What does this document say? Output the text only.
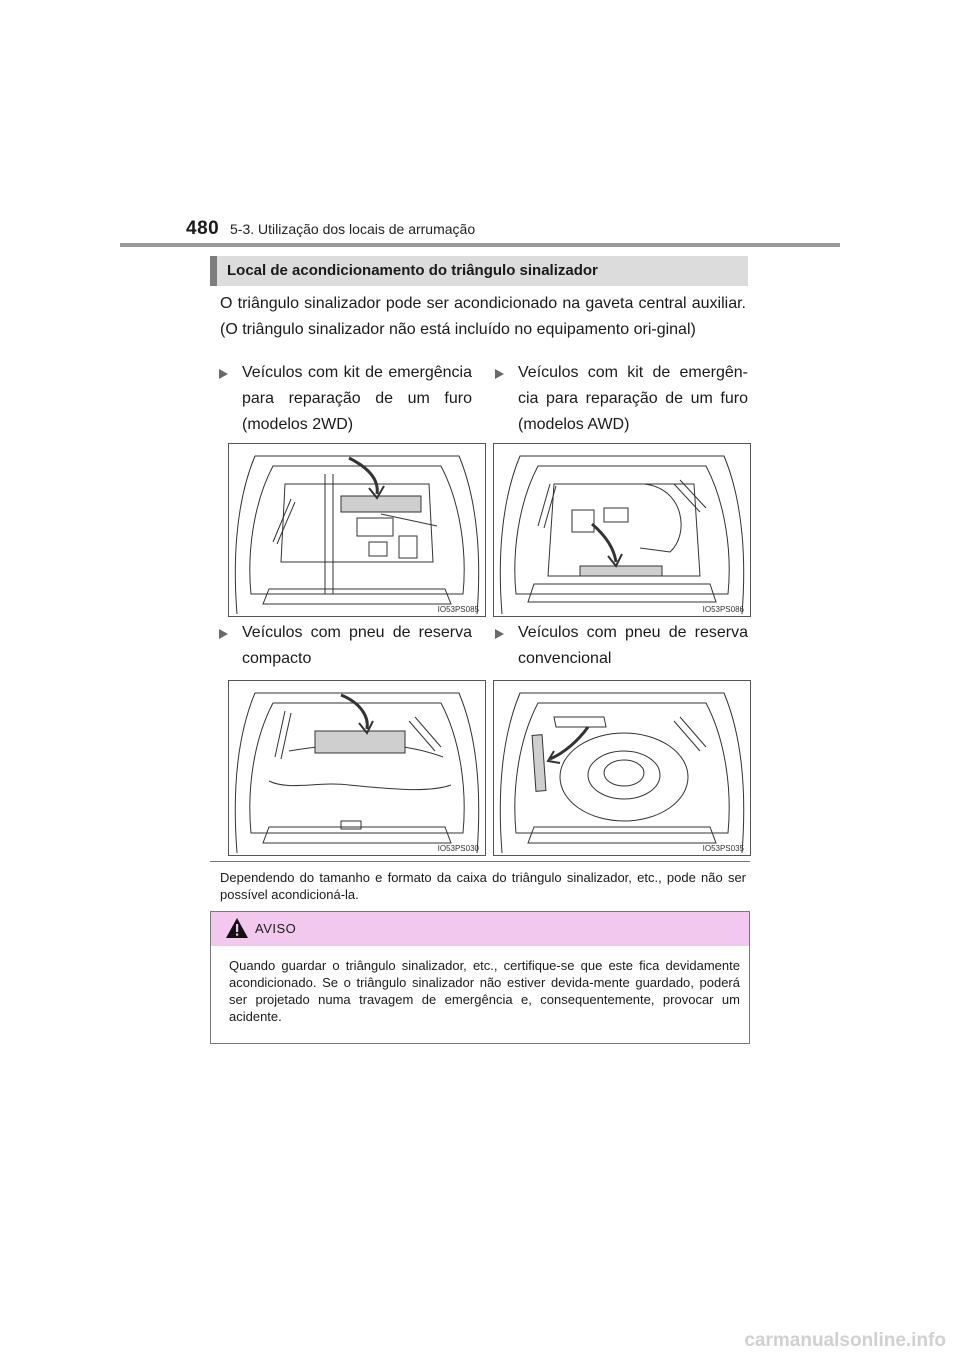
480 5-3. Utilização dos locais de arrumação
Local de acondicionamento do triângulo sinalizador
O triângulo sinalizador pode ser acondicionado na gaveta central auxiliar. (O triângulo sinalizador não está incluído no equipamento ori-ginal)
Veículos com kit de emergência para reparação de um furo (modelos 2WD)
Veículos com kit de emergên-cia para reparação de um furo (modelos AWD)
Veículos com pneu de reserva compacto
Veículos com pneu de reserva convencional
IO53PS085	IO53PS086
IO53PS030	IO53PS035
Dependendo do tamanho e formato da caixa do triângulo sinalizador, etc., pode não ser possível acondicioná-la.
AVISO
Quando guardar o triângulo sinalizador, etc., certifique-se que este fica devidamente acondicionado. Se o triângulo sinalizador não estiver devida-mente guardado, poderá ser projetado numa travagem de emergência e, consequentemente, provocar um acidente.
carmanualsonline.info
